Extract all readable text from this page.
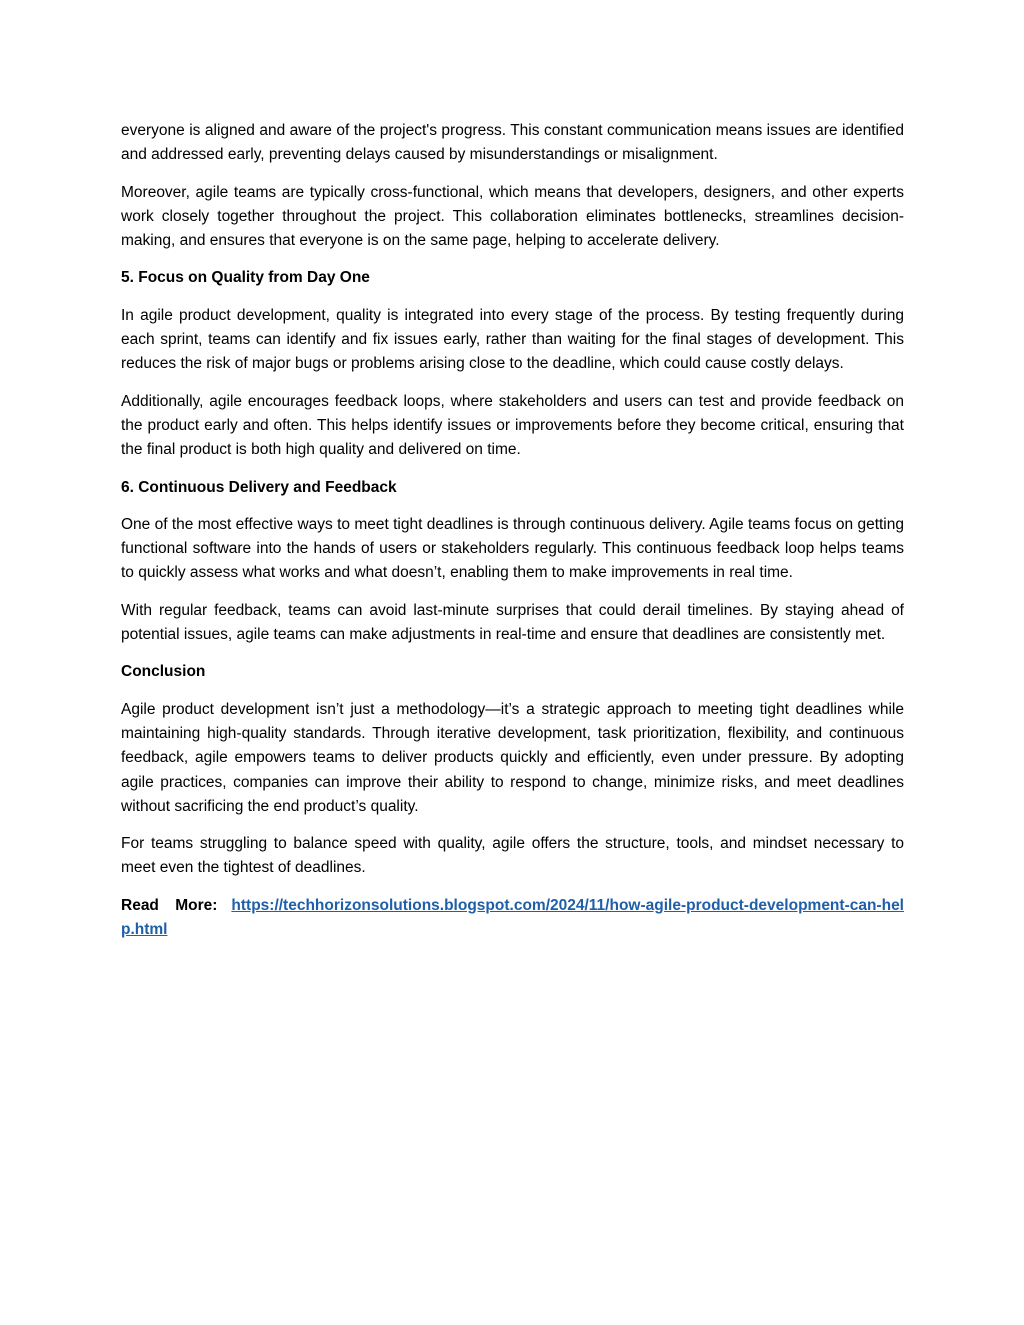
everyone is aligned and aware of the project's progress. This constant communication means issues are identified and addressed early, preventing delays caused by misunderstandings or misalignment.

Moreover, agile teams are typically cross-functional, which means that developers, designers, and other experts work closely together throughout the project. This collaboration eliminates bottlenecks, streamlines decision-making, and ensures that everyone is on the same page, helping to accelerate delivery.

5. Focus on Quality from Day One

In agile product development, quality is integrated into every stage of the process. By testing frequently during each sprint, teams can identify and fix issues early, rather than waiting for the final stages of development. This reduces the risk of major bugs or problems arising close to the deadline, which could cause costly delays.

Additionally, agile encourages feedback loops, where stakeholders and users can test and provide feedback on the product early and often. This helps identify issues or improvements before they become critical, ensuring that the final product is both high quality and delivered on time.

6. Continuous Delivery and Feedback

One of the most effective ways to meet tight deadlines is through continuous delivery. Agile teams focus on getting functional software into the hands of users or stakeholders regularly. This continuous feedback loop helps teams to quickly assess what works and what doesn’t, enabling them to make improvements in real time.

With regular feedback, teams can avoid last-minute surprises that could derail timelines. By staying ahead of potential issues, agile teams can make adjustments in real-time and ensure that deadlines are consistently met.

Conclusion

Agile product development isn’t just a methodology—it’s a strategic approach to meeting tight deadlines while maintaining high-quality standards. Through iterative development, task prioritization, flexibility, and continuous feedback, agile empowers teams to deliver products quickly and efficiently, even under pressure. By adopting agile practices, companies can improve their ability to respond to change, minimize risks, and meet deadlines without sacrificing the end product’s quality.

For teams struggling to balance speed with quality, agile offers the structure, tools, and mindset necessary to meet even the tightest of deadlines.

Read More: https://techhorizonsolutions.blogspot.com/2024/11/how-agile-product-development-can-help.html
